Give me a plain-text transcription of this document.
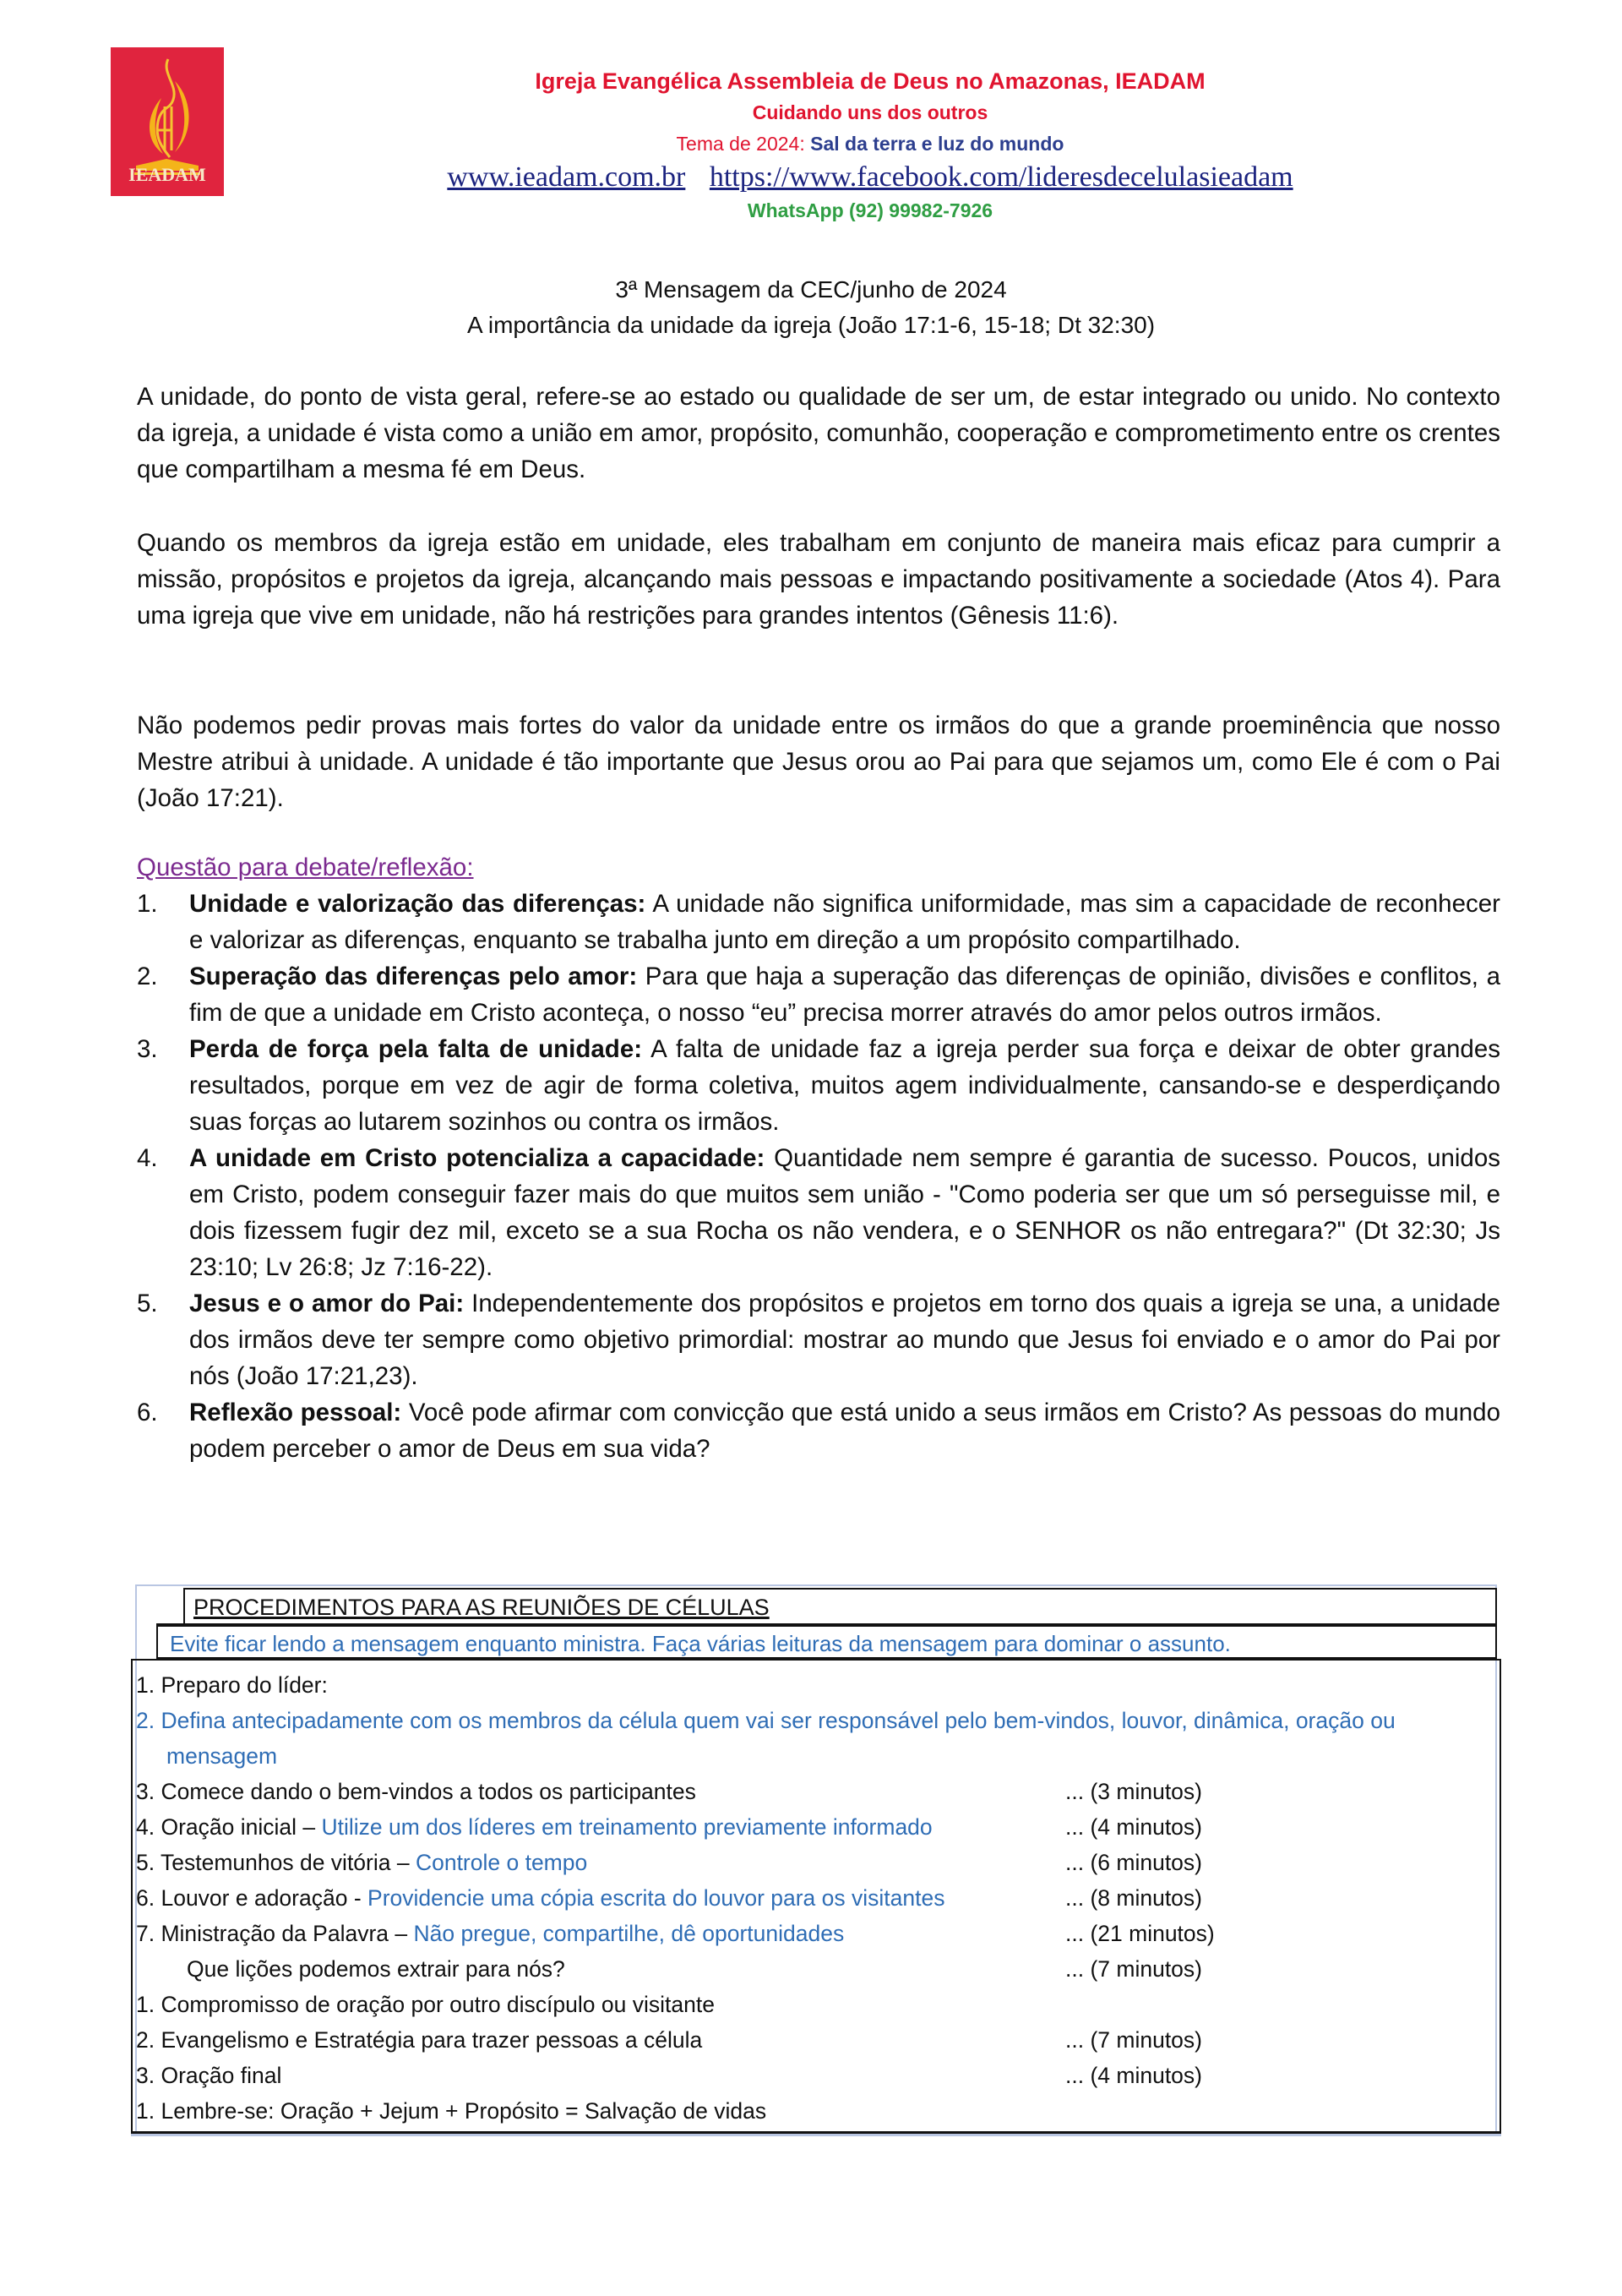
IEADAM
Igreja Evangélica Assembleia de Deus no Amazonas, IEADAM
Cuidando uns dos outros
Tema de 2024: Sal da terra e luz do mundo
www.ieadam.com.br https://www.facebook.com/lideresdecelulasieadam
WhatsApp (92) 99982-7926
3ª Mensagem da CEC/junho de 2024
A importância da unidade da igreja (João 17:1-6, 15-18; Dt 32:30)

A unidade, do ponto de vista geral, refere-se ao estado ou qualidade de ser um, de estar integrado ou unido. No contexto da igreja, a unidade é vista como a união em amor, propósito, comunhão, cooperação e comprometimento entre os crentes que compartilham a mesma fé em Deus.

Quando os membros da igreja estão em unidade, eles trabalham em conjunto de maneira mais eficaz para cumprir a missão, propósitos e projetos da igreja, alcançando mais pessoas e impactando positivamente a sociedade (Atos 4). Para uma igreja que vive em unidade, não há restrições para grandes intentos (Gênesis 11:6).

Não podemos pedir provas mais fortes do valor da unidade entre os irmãos do que a grande proeminência que nosso Mestre atribui à unidade. A unidade é tão importante que Jesus orou ao Pai para que sejamos um, como Ele é com o Pai (João 17:21).

Questão para debate/reflexão:
1. Unidade e valorização das diferenças: A unidade não significa uniformidade, mas sim a capacidade de reconhecer e valorizar as diferenças, enquanto se trabalha junto em direção a um propósito compartilhado.
2. Superação das diferenças pelo amor: Para que haja a superação das diferenças de opinião, divisões e conflitos, a fim de que a unidade em Cristo aconteça, o nosso “eu” precisa morrer através do amor pelos outros irmãos.
3. Perda de força pela falta de unidade: A falta de unidade faz a igreja perder sua força e deixar de obter grandes resultados, porque em vez de agir de forma coletiva, muitos agem individualmente, cansando-se e desperdiçando suas forças ao lutarem sozinhos ou contra os irmãos.
4. A unidade em Cristo potencializa a capacidade: Quantidade nem sempre é garantia de sucesso. Poucos, unidos em Cristo, podem conseguir fazer mais do que muitos sem união - "Como poderia ser que um só perseguisse mil, e dois fizessem fugir dez mil, exceto se a sua Rocha os não vendera, e o SENHOR os não entregara?" (Dt 32:30; Js 23:10; Lv 26:8; Jz 7:16-22).
5. Jesus e o amor do Pai: Independentemente dos propósitos e projetos em torno dos quais a igreja se una, a unidade dos irmãos deve ter sempre como objetivo primordial: mostrar ao mundo que Jesus foi enviado e o amor do Pai por nós (João 17:21,23).
6. Reflexão pessoal: Você pode afirmar com convicção que está unido a seus irmãos em Cristo? As pessoas do mundo podem perceber o amor de Deus em sua vida?
PROCEDIMENTOS PARA AS REUNIÕES DE CÉLULAS
Evite ficar lendo a mensagem enquanto ministra. Faça várias leituras da mensagem para dominar o assunto.
1. Preparo do líder:
2. Defina antecipadamente com os membros da célula quem vai ser responsável pelo bem-vindos, louvor, dinâmica, oração ou mensagem
3. Comece dando o bem-vindos a todos os participantes	... (3 minutos)
4. Oração inicial – Utilize um dos líderes em treinamento previamente informado	... (4 minutos)
5. Testemunhos de vitória – Controle o tempo	... (6 minutos)
6. Louvor e adoração - Providencie uma cópia escrita do louvor para os visitantes	... (8 minutos)
7. Ministração da Palavra – Não pregue, compartilhe, dê oportunidades	... (21 minutos)
Que lições podemos extrair para nós?	... (7 minutos)
1. Compromisso de oração por outro discípulo ou visitante
2. Evangelismo e Estratégia para trazer pessoas a célula	... (7 minutos)
3. Oração final	... (4 minutos)
1. Lembre-se: Oração + Jejum + Propósito = Salvação de vidas
